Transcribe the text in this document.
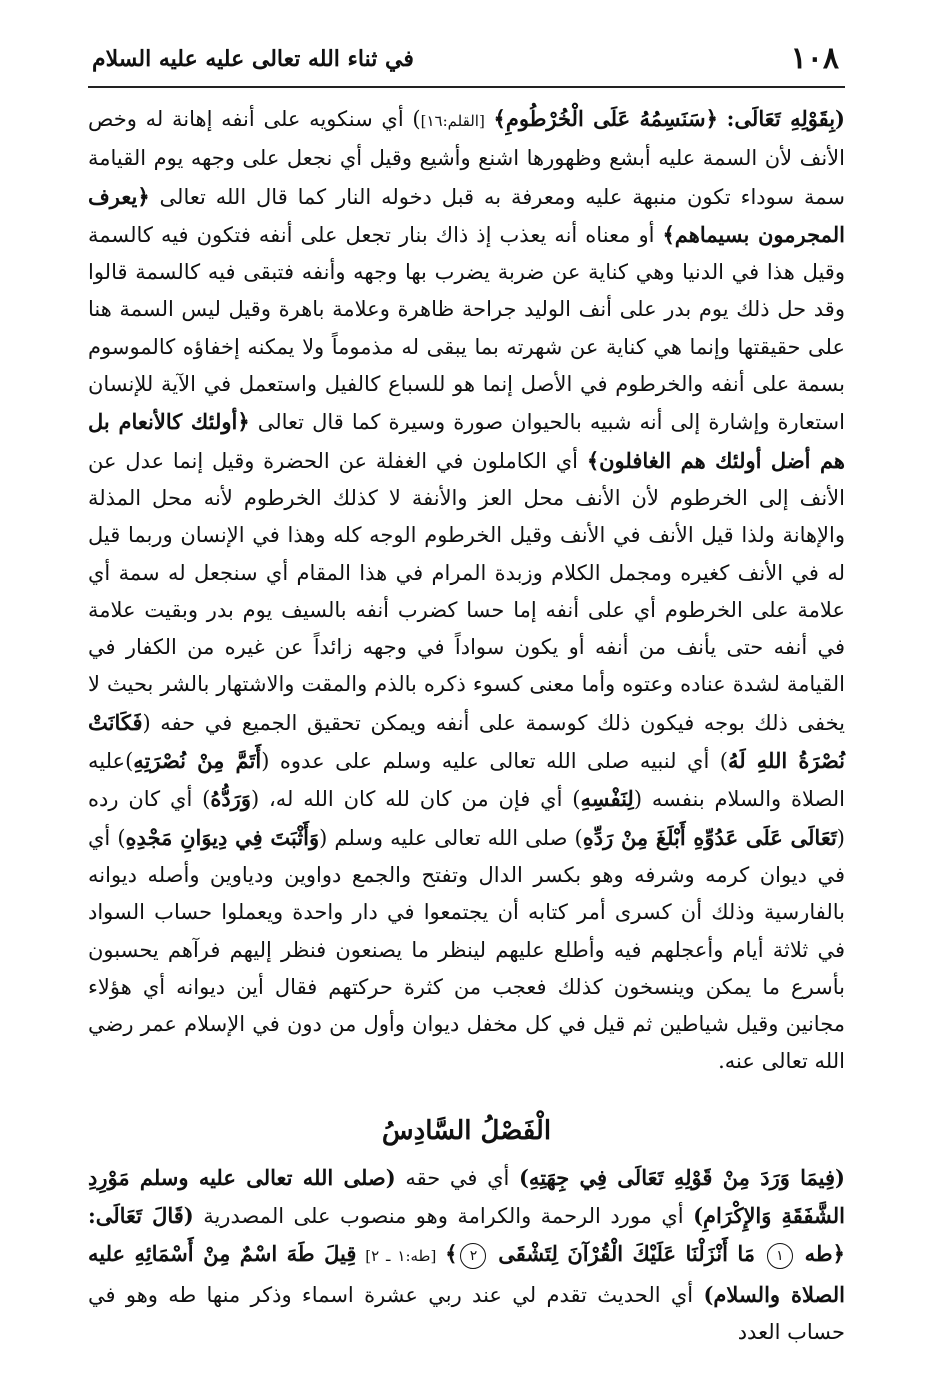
١٠٨
في ثناء الله تعالى عليه عليه السلام

(بِقَوْلِهِ تَعَالَى: ﴿سَنَسِمُهُ عَلَى الْخُرْطُومِ﴾ [القلم:١٦]) أي سنكويه على أنفه إهانة له وخص الأنف لأن السمة عليه أبشع وظهورها اشنع وأشيع وقيل أي نجعل على وجهه يوم القيامة سمة سوداء تكون منبهة عليه ومعرفة به قبل دخوله النار كما قال الله تعالى ﴿يعرف المجرمون بسيماهم﴾ أو معناه أنه يعذب إذ ذاك بنار تجعل على أنفه فتكون فيه كالسمة وقيل هذا في الدنيا وهي كناية عن ضربة يضرب بها وجهه وأنفه فتبقى فيه كالسمة قالوا وقد حل ذلك يوم بدر على أنف الوليد جراحة ظاهرة وعلامة باهرة وقيل ليس السمة هنا على حقيقتها وإنما هي كناية عن شهرته بما يبقى له مذموماً ولا يمكنه إخفاؤه كالموسوم بسمة على أنفه والخرطوم في الأصل إنما هو للسباع كالفيل واستعمل في الآية للإنسان استعارة وإشارة إلى أنه شبيه بالحيوان صورة وسيرة كما قال تعالى ﴿أولئك كالأنعام بل هم أضل أولئك هم الغافلون﴾ أي الكاملون في الغفلة عن الحضرة وقيل إنما عدل عن الأنف إلى الخرطوم لأن الأنف محل العز والأنفة لا كذلك الخرطوم لأنه محل المذلة والإهانة ولذا قيل الأنف في الأنف وقيل الخرطوم الوجه كله وهذا في الإنسان وربما قيل له في الأنف كغيره ومجمل الكلام وزبدة المرام في هذا المقام أي سنجعل له سمة أي علامة على الخرطوم أي على أنفه إما حسا كضرب أنفه بالسيف يوم بدر وبقيت علامة في أنفه حتى يأنف من أنفه أو يكون سواداً في وجهه زائداً عن غيره من الكفار في القيامة لشدة عناده وعتوه وأما معنى كسوء ذكره بالذم والمقت والاشتهار بالشر بحيث لا يخفى ذلك بوجه فيكون ذلك كوسمة على أنفه ويمكن تحقيق الجميع في حفه (فَكَانَتْ نُصْرَةُ اللهِ لَهُ) أي لنبيه صلى الله تعالى عليه وسلم على عدوه (أَتَمَّ مِنْ نُصْرَتِهِ)عليه الصلاة والسلام بنفسه (لِنَفْسِهِ) أي فإن من كان لله كان الله له، (وَرَدُّهُ) أي كان رده (تَعَالَى عَلَى عَدُوِّهِ أَبْلَغَ مِنْ رَدِّهِ) صلى الله تعالى عليه وسلم (وَأَثْبَتَ فِي دِيوَانِ مَجْدِهِ) أي في ديوان كرمه وشرفه وهو بكسر الدال وتفتح والجمع دواوين ودياوين وأصله ديوانه بالفارسية وذلك أن كسرى أمر كتابه أن يجتمعوا في دار واحدة ويعملوا حساب السواد في ثلاثة أيام وأعجلهم فيه وأطلع عليهم لينظر ما يصنعون فنظر إليهم فرآهم يحسبون بأسرع ما يمكن وينسخون كذلك فعجب من كثرة حركتهم فقال أين ديوانه أي هؤلاء مجانين وقيل شياطين ثم قيل في كل مخفل ديوان وأول من دون في الإسلام عمر رضي الله تعالى عنه.

الْفَصْلُ السَّادِسُ

(فِيمَا وَرَدَ مِنْ قَوْلِهِ تَعَالَى فِي جِهَتِهِ) أي في حقه (صلى الله تعالى عليه وسلم مَوْرِدِ الشَّفَقَةِ وَالإِكْرَامِ) أي مورد الرحمة والكرامة وهو منصوب على المصدرية (قَالَ تَعَالَى: ﴿طه ١ مَا أَنْزَلْنَا عَلَيْكَ الْقُرْآنَ لِتَشْقَى ٢﴾ [طه:١ ـ ٢] قِيلَ طَهَ اسْمٌ مِنْ أَسْمَائِهِ عليه الصلاة والسلام) أي الحديث تقدم لي عند ربي عشرة اسماء وذكر منها طه وهو في حساب العدد
